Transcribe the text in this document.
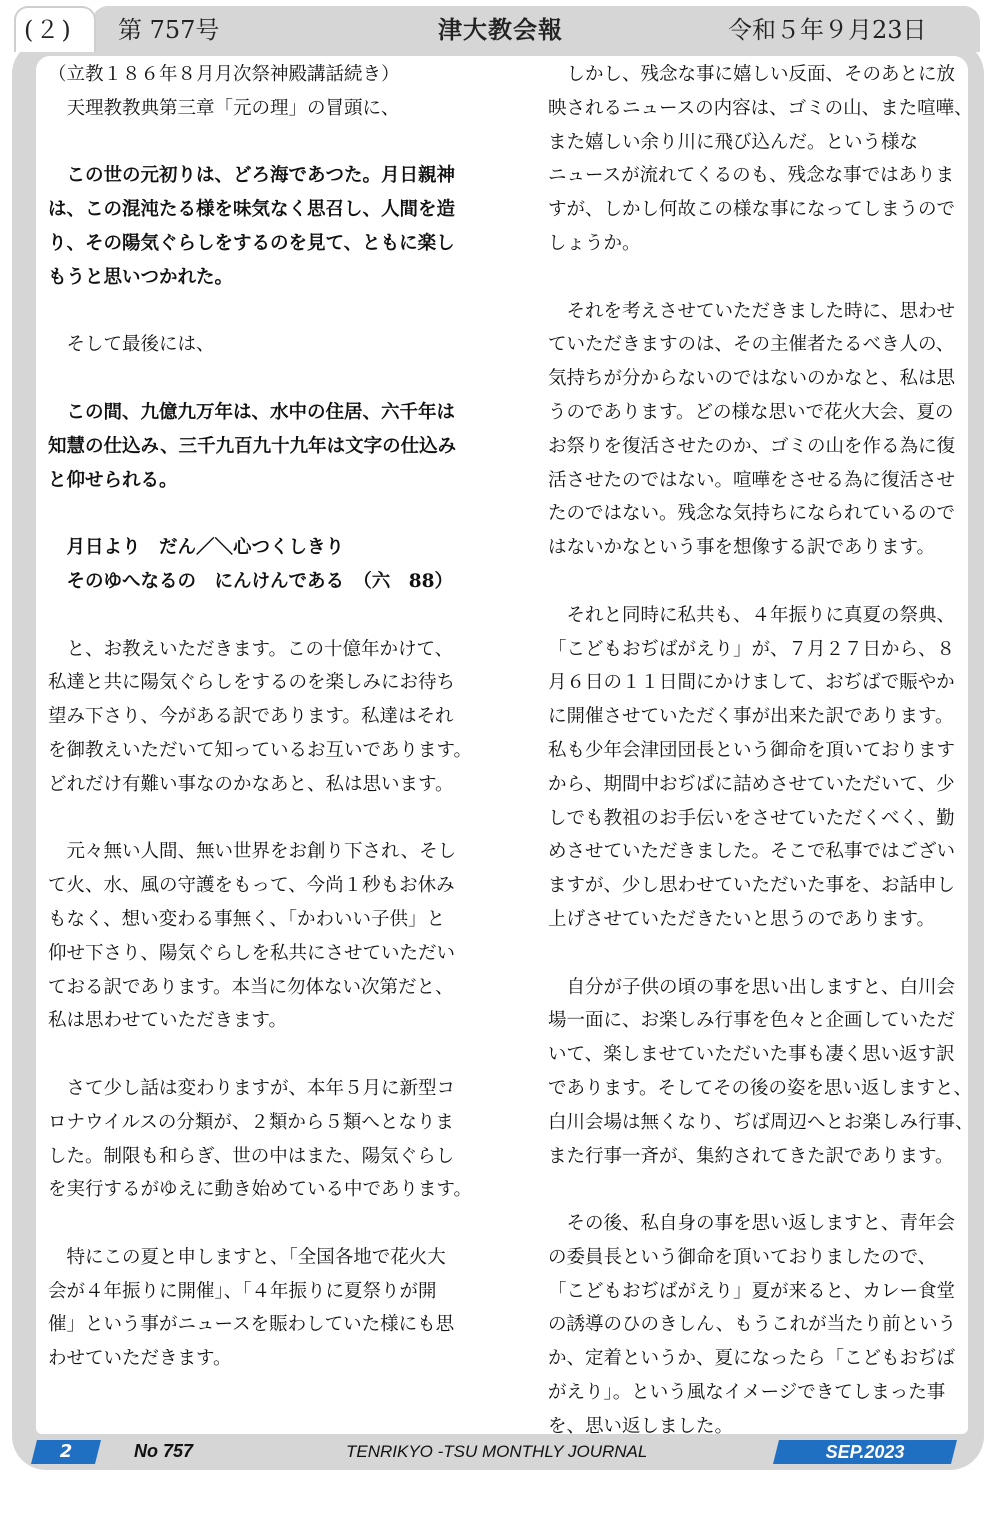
(２) 第 757号	津大教会報	令和５年９月23日

（立教１８６年８月月次祭神殿講話続き）

　天理教教典第三章「元の理」の冒頭に、

　この世の元初りは、どろ海であつた。月日親神

は、この混沌たる様を味気なく思召し、人間を造

り、その陽気ぐらしをするのを見て、ともに楽し

もうと思いつかれた。

　そして最後には、

　この間、九億九万年は、水中の住居、六千年は

知慧の仕込み、三千九百九十九年は文字の仕込み

と仰せられる。

　月日より　だん／＼心つくしきり

　そのゆへなるの　にんけんである　（六　88）

　と、お教えいただきます。この十億年かけて、

私達と共に陽気ぐらしをするのを楽しみにお待ち

望み下さり、今がある訳であります。私達はそれ

を御教えいただいて知っているお互いであります。

どれだけ有難い事なのかなあと、私は思います。

　元々無い人間、無い世界をお創り下され、そし

て火、水、風の守護をもって、今尚１秒もお休み

もなく、想い変わる事無く、「かわいい子供」と

仰せ下さり、陽気ぐらしを私共にさせていただい

ておる訳であります。本当に勿体ない次第だと、

私は思わせていただきます。

　さて少し話は変わりますが、本年５月に新型コ

ロナウイルスの分類が、２類から５類へとなりま

した。制限も和らぎ、世の中はまた、陽気ぐらし

を実行するがゆえに動き始めている中であります。

　特にこの夏と申しますと、「全国各地で花火大

会が４年振りに開催」、「４年振りに夏祭りが開

催」という事がニュースを賑わしていた様にも思

わせていただきます。

　しかし、残念な事に嬉しい反面、そのあとに放

映されるニュースの内容は、ゴミの山、また喧嘩、

また嬉しい余り川に飛び込んだ。という様な

ニュースが流れてくるのも、残念な事ではありま

すが、しかし何故この様な事になってしまうので

しょうか。

　それを考えさせていただきました時に、思わせ

ていただきますのは、その主催者たるべき人の、

気持ちが分からないのではないのかなと、私は思

うのであります。どの様な思いで花火大会、夏の

お祭りを復活させたのか、ゴミの山を作る為に復

活させたのではない。喧嘩をさせる為に復活させ

たのではない。残念な気持ちになられているので

はないかなという事を想像する訳であります。

　それと同時に私共も、４年振りに真夏の祭典、

「こどもおぢばがえり」が、７月２７日から、８

月６日の１１日間にかけまして、おぢばで賑やか

に開催させていただく事が出来た訳であります。

私も少年会津団団長という御命を頂いております

から、期間中おぢばに詰めさせていただいて、少

しでも教祖のお手伝いをさせていただくべく、勤

めさせていただきました。そこで私事ではござい

ますが、少し思わせていただいた事を、お話申し

上げさせていただきたいと思うのであります。

　自分が子供の頃の事を思い出しますと、白川会

場一面に、お楽しみ行事を色々と企画していただ

いて、楽しませていただいた事も凄く思い返す訳

であります。そしてその後の姿を思い返しますと、

白川会場は無くなり、ぢば周辺へとお楽しみ行事、

また行事一斉が、集約されてきた訳であります。

　その後、私自身の事を思い返しますと、青年会

の委員長という御命を頂いておりましたので、

「こどもおぢばがえり」夏が来ると、カレー食堂

の誘導のひのきしん、もうこれが当たり前という

か、定着というか、夏になったら「こどもおぢば

がえり」。という風なイメージできてしまった事

を、思い返しました。

2	No 757	TENRIKYO -TSU MONTHLY JOURNAL	SEP.2023
